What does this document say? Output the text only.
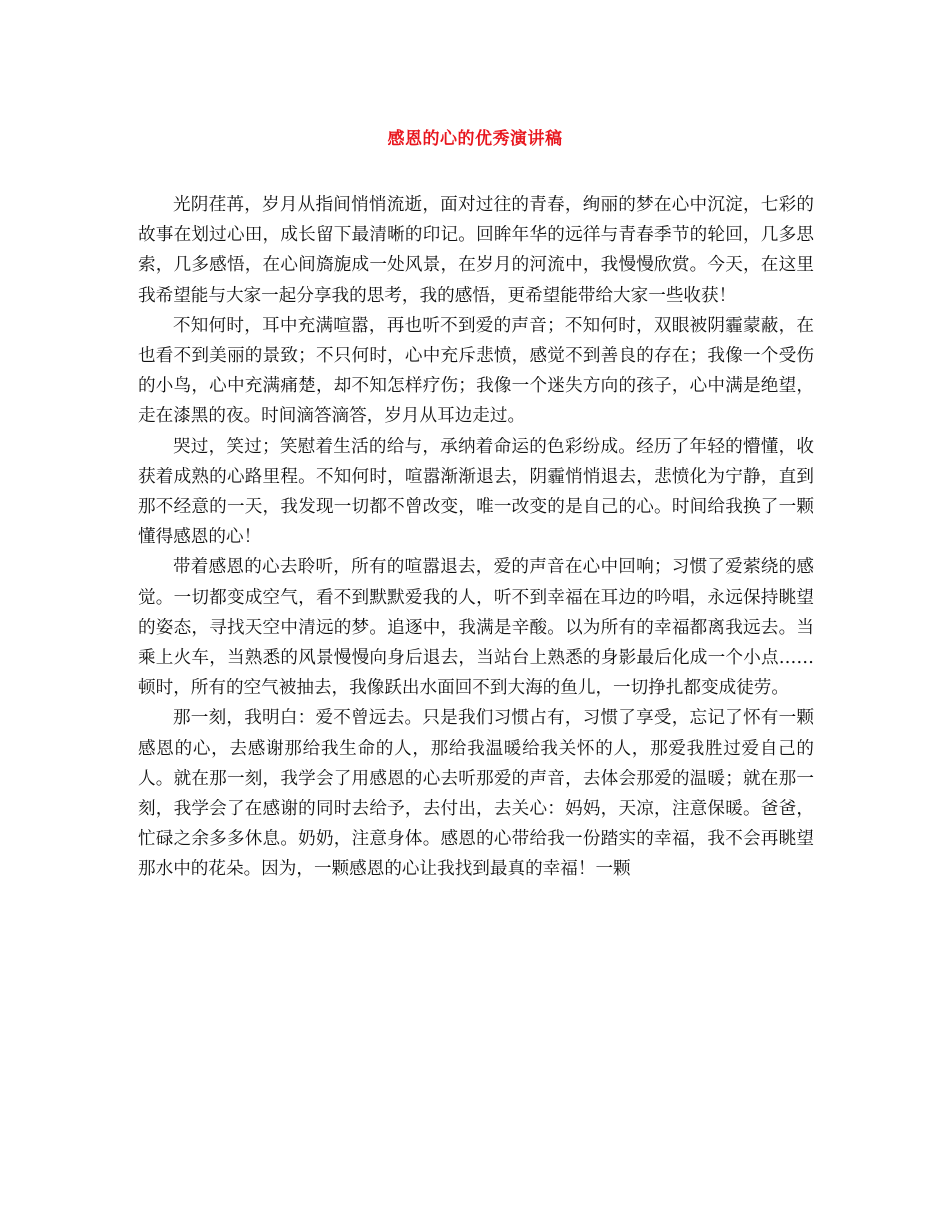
感恩的心的优秀演讲稿

光阴荏苒，岁月从指间悄悄流逝，面对过往的青春，绚丽的梦在心中沉淀，七彩的故事在划过心田，成长留下最清晰的印记。回眸年华的远徉与青春季节的轮回，几多思索，几多感悟，在心间旖旎成一处风景，在岁月的河流中，我慢慢欣赏。今天，在这里我希望能与大家一起分享我的思考，我的感悟，更希望能带给大家一些收获！

不知何时，耳中充满喧嚣，再也听不到爱的声音；不知何时，双眼被阴霾蒙蔽，在也看不到美丽的景致；不只何时，心中充斥悲愤，感觉不到善良的存在；我像一个受伤的小鸟，心中充满痛楚，却不知怎样疗伤；我像一个迷失方向的孩子，心中满是绝望，走在漆黑的夜。时间滴答滴答，岁月从耳边走过。

哭过，笑过；笑慰着生活的给与，承纳着命运的色彩纷成。经历了年轻的懵懂，收获着成熟的心路里程。不知何时，喧嚣渐渐退去，阴霾悄悄退去，悲愤化为宁静，直到那不经意的一天，我发现一切都不曾改变，唯一改变的是自己的心。时间给我换了一颗懂得感恩的心！

带着感恩的心去聆听，所有的喧嚣退去，爱的声音在心中回响；习惯了爱萦绕的感觉。一切都变成空气，看不到默默爱我的人，听不到幸福在耳边的吟唱，永远保持眺望的姿态，寻找天空中清远的梦。追逐中，我满是辛酸。以为所有的幸福都离我远去。当乘上火车，当熟悉的风景慢慢向身后退去，当站台上熟悉的身影最后化成一个小点……顿时，所有的空气被抽去，我像跃出水面回不到大海的鱼儿，一切挣扎都变成徒劳。

那一刻，我明白：爱不曾远去。只是我们习惯占有，习惯了享受，忘记了怀有一颗感恩的心，去感谢那给我生命的人，那给我温暖给我关怀的人，那爱我胜过爱自己的人。就在那一刻，我学会了用感恩的心去听那爱的声音，去体会那爱的温暖；就在那一刻，我学会了在感谢的同时去给予，去付出，去关心：妈妈，天凉，注意保暖。爸爸，忙碌之余多多休息。奶奶，注意身体。感恩的心带给我一份踏实的幸福，我不会再眺望那水中的花朵。因为，一颗感恩的心让我找到最真的幸福！一颗
